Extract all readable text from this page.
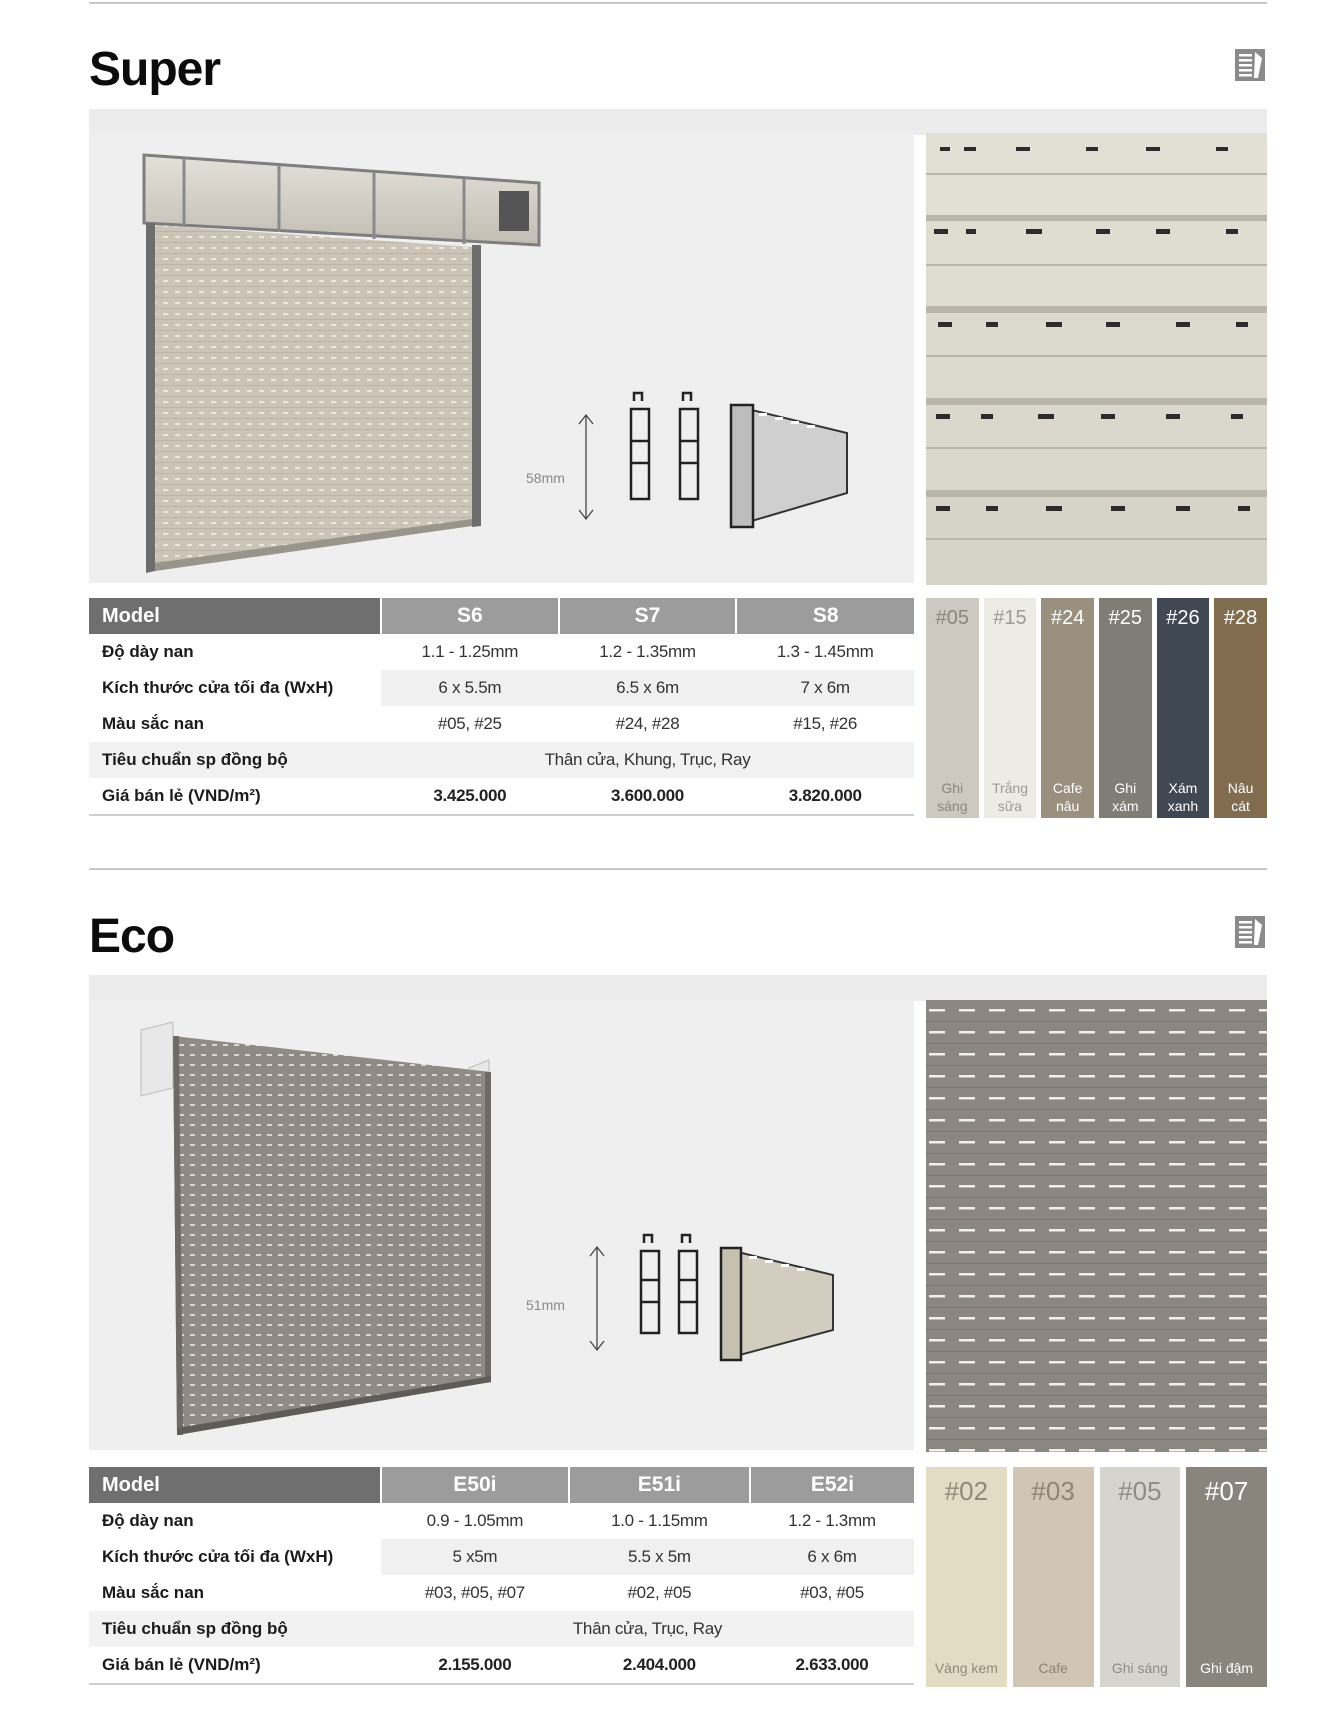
Super
58mm
Model	S6	S7	S8
Độ dày nan	1.1 - 1.25mm	1.2 - 1.35mm	1.3 - 1.45mm
Kích thước cửa tối đa (WxH)	6 x 5.5m	6.5 x 6m	7 x 6m
Màu sắc nan	#05, #25	#24, #28	#15, #26
Tiêu chuẩn sp đồng bộ	Thân cửa, Khung, Trục, Ray		
Giá bán lẻ (VND/m²)	3.425.000	3.600.000	3.820.000
#05
Ghi
sáng
#15
Trắng
sữa
#24
Cafe
nâu
#25
Ghi
xám
#26
Xám
xanh
#28
Nâu
cát
Eco
51mm
Model	E50i	E51i	E52i
Độ dày nan	0.9 - 1.05mm	1.0 - 1.15mm	1.2 - 1.3mm
Kích thước cửa tối đa (WxH)	5 x5m	5.5 x 5m	6 x 6m
Màu sắc nan	#03, #05, #07	#02, #05	#03, #05
Tiêu chuẩn sp đồng bộ	Thân cửa, Trục, Ray		
Giá bán lẻ (VND/m²)	2.155.000	2.404.000	2.633.000
#02
Vàng kem
#03
Cafe
#05
Ghi sáng
#07
Ghi đậm
